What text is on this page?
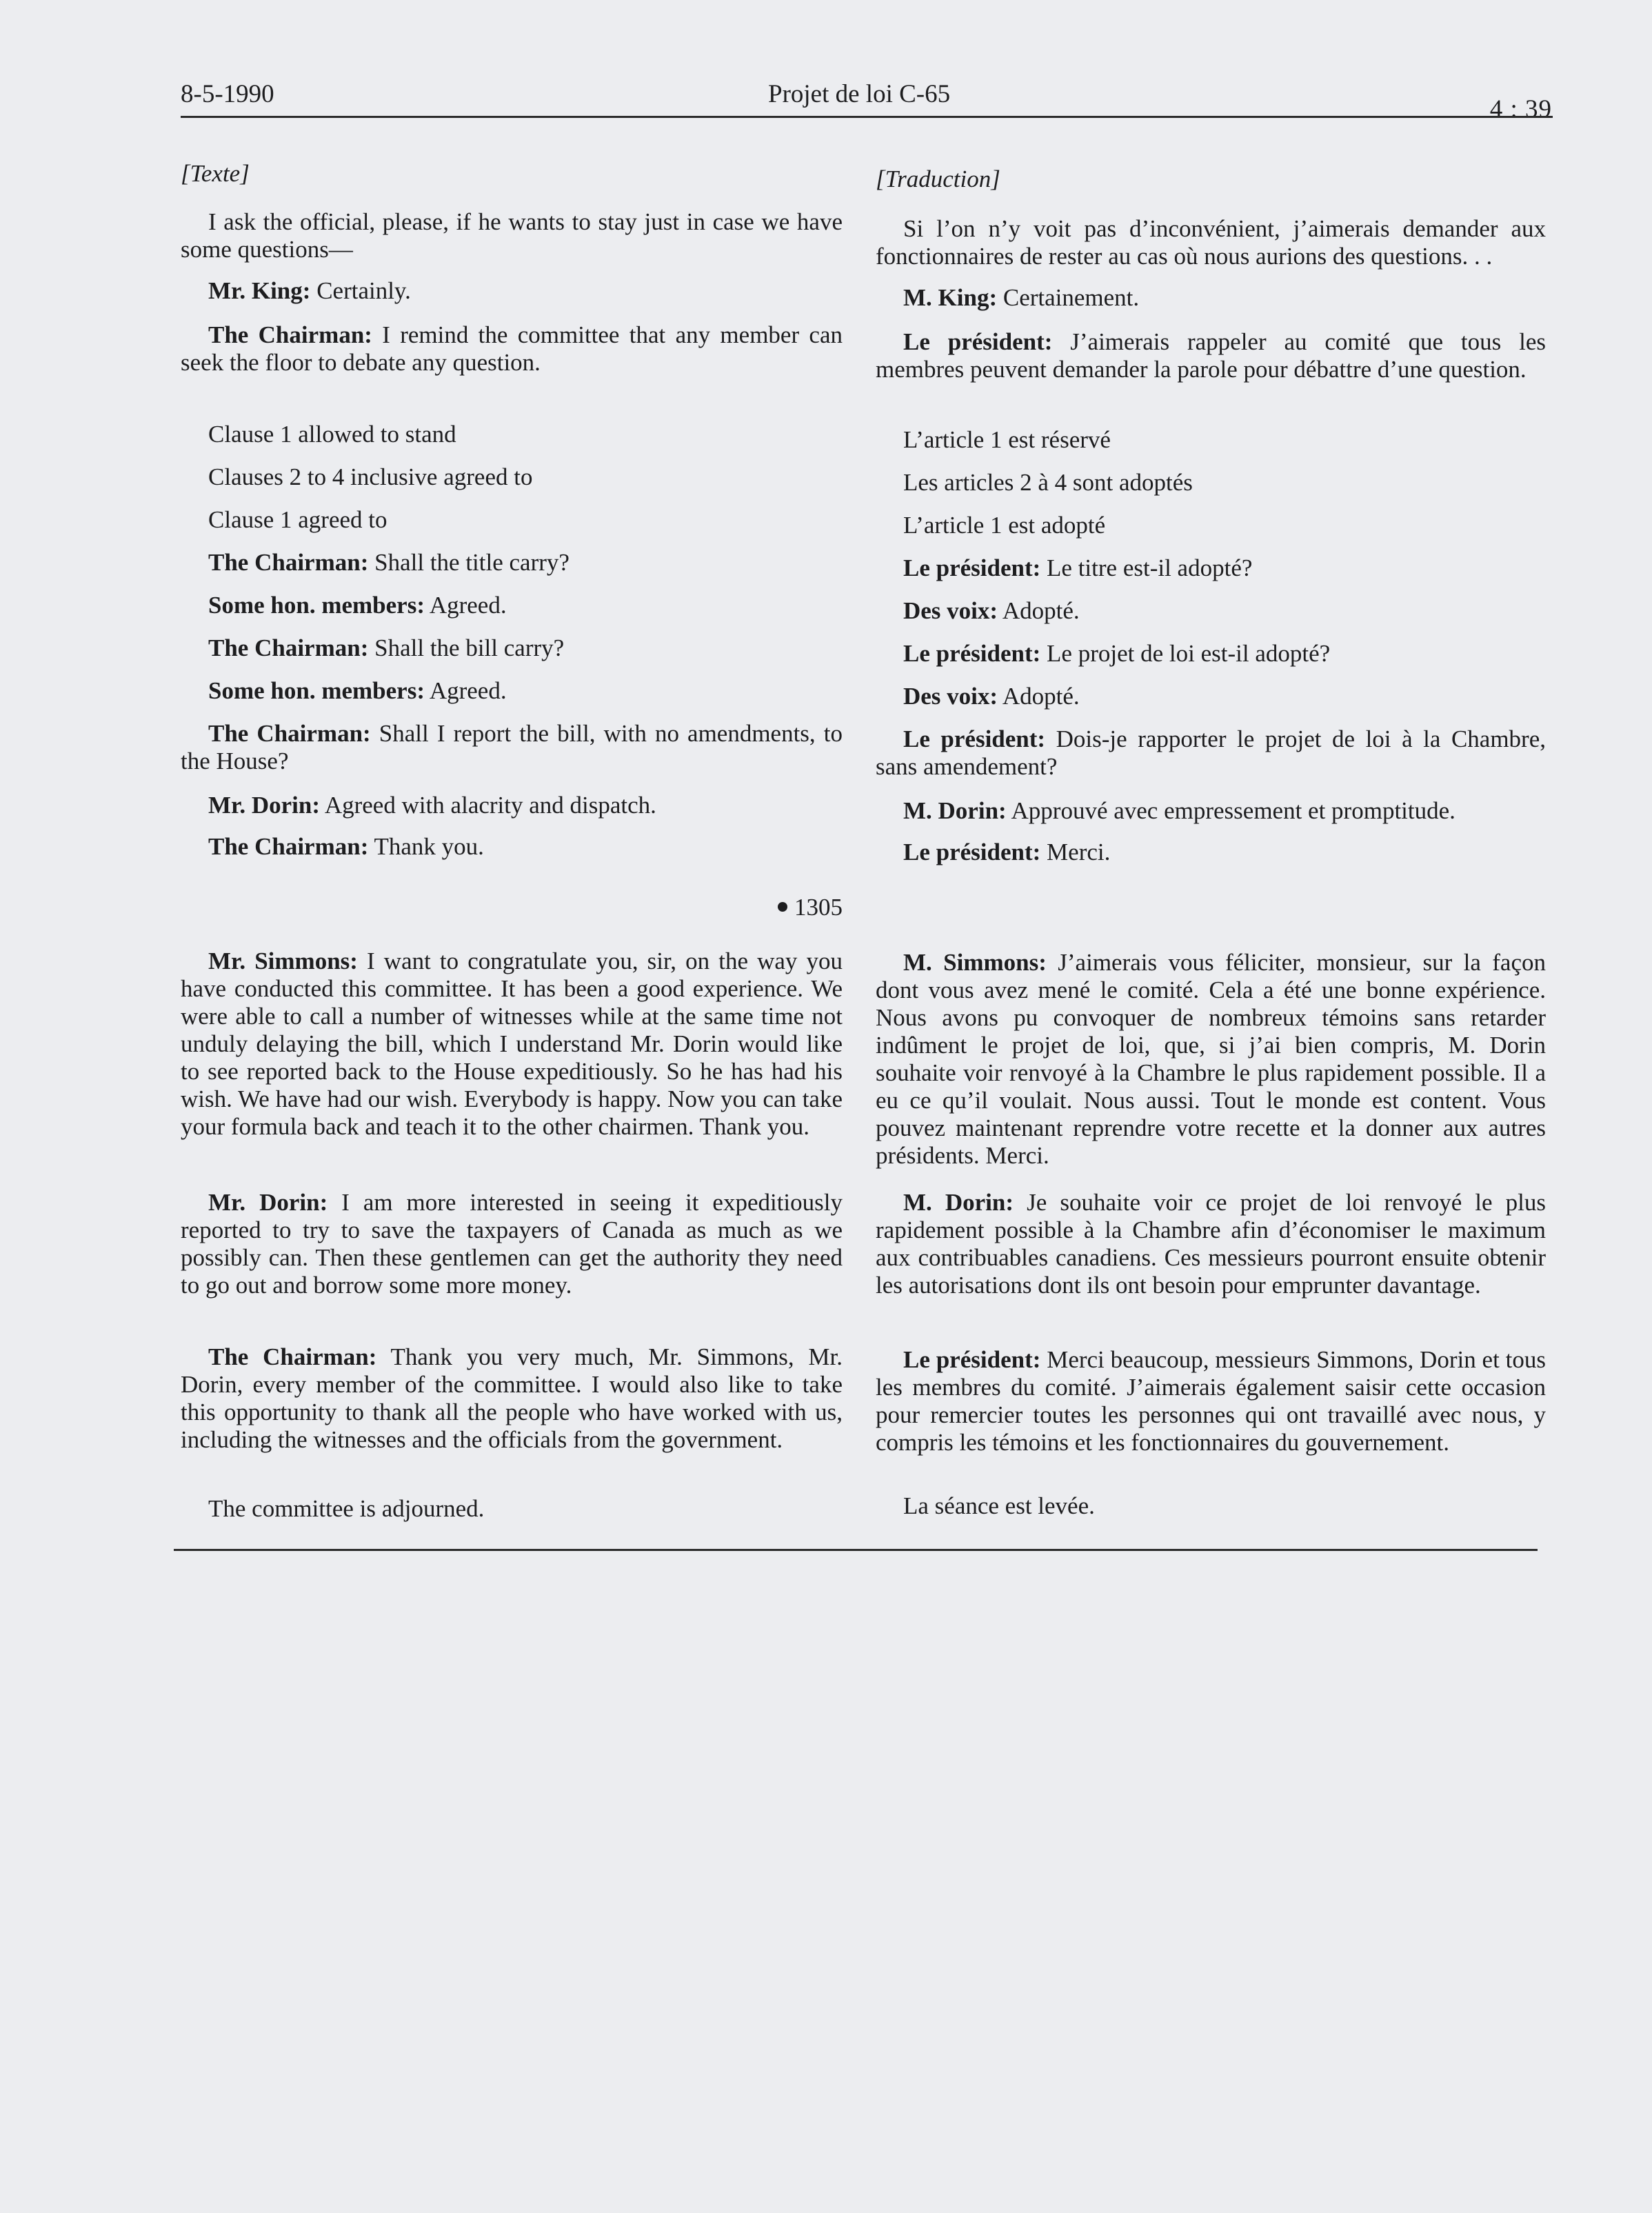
8-5-1990	Projet de loi C-65
4 : 39
[Texte]
I ask the official, please, if he wants to stay just in case we have some questions—
Mr. King: Certainly.
The Chairman: I remind the committee that any member can seek the floor to debate any question.
Clause 1 allowed to stand
Clauses 2 to 4 inclusive agreed to
Clause 1 agreed to
The Chairman: Shall the title carry?
Some hon. members: Agreed.
The Chairman: Shall the bill carry?
Some hon. members: Agreed.
The Chairman: Shall I report the bill, with no amendments, to the House?
Mr. Dorin: Agreed with alacrity and dispatch.
The Chairman: Thank you.
1305
Mr. Simmons: I want to congratulate you, sir, on the way you have conducted this committee. It has been a good experience. We were able to call a number of witnesses while at the same time not unduly delaying the bill, which I understand Mr. Dorin would like to see reported back to the House expeditiously. So he has had his wish. We have had our wish. Everybody is happy. Now you can take your formula back and teach it to the other chairmen. Thank you.
Mr. Dorin: I am more interested in seeing it expeditiously reported to try to save the taxpayers of Canada as much as we possibly can. Then these gentlemen can get the authority they need to go out and borrow some more money.
The Chairman: Thank you very much, Mr. Simmons, Mr. Dorin, every member of the committee. I would also like to take this opportunity to thank all the people who have worked with us, including the witnesses and the officials from the government.
The committee is adjourned.
[Traduction]
Si l’on n’y voit pas d’inconvénient, j’aimerais demander aux fonctionnaires de rester au cas où nous aurions des questions. . .
M. King: Certainement.
Le président: J’aimerais rappeler au comité que tous les membres peuvent demander la parole pour débattre d’une question.
L’article 1 est réservé
Les articles 2 à 4 sont adoptés
L’article 1 est adopté
Le président: Le titre est-il adopté?
Des voix: Adopté.
Le président: Le projet de loi est-il adopté?
Des voix: Adopté.
Le président: Dois-je rapporter le projet de loi à la Chambre, sans amendement?
M. Dorin: Approuvé avec empressement et promptitude.
Le président: Merci.
M. Simmons: J’aimerais vous féliciter, monsieur, sur la façon dont vous avez mené le comité. Cela a été une bonne expérience. Nous avons pu convoquer de nombreux témoins sans retarder indûment le projet de loi, que, si j’ai bien compris, M. Dorin souhaite voir renvoyé à la Chambre le plus rapidement possible. Il a eu ce qu’il voulait. Nous aussi. Tout le monde est content. Vous pouvez maintenant reprendre votre recette et la donner aux autres présidents. Merci.
M. Dorin: Je souhaite voir ce projet de loi renvoyé le plus rapidement possible à la Chambre afin d’économiser le maximum aux contribuables canadiens. Ces messieurs pourront ensuite obtenir les autorisations dont ils ont besoin pour emprunter davantage.
Le président: Merci beaucoup, messieurs Simmons, Dorin et tous les membres du comité. J’aimerais également saisir cette occasion pour remercier toutes les personnes qui ont travaillé avec nous, y compris les témoins et les fonctionnaires du gouvernement.
La séance est levée.
